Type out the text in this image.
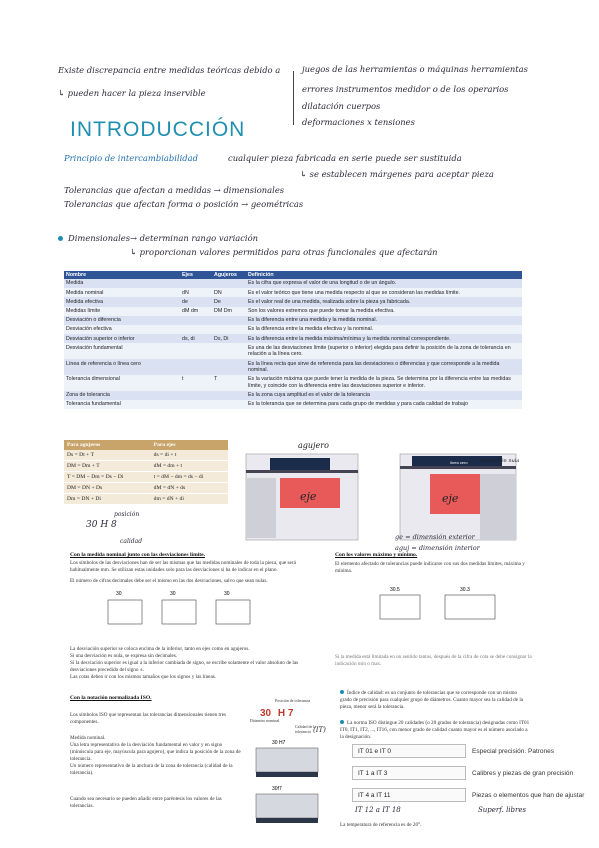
Existe discrepancia entre medidas teóricas debido a
↳ pueden hacer la pieza inservible
juegos de las herramientas o máquinas herramientas
errores instrumentos medidor o de los operarios
dilatación cuerpos
deformaciones x tensiones
INTRODUCCIÓN
Principio de intercambiabilidad	cualquier pieza fabricada en serie puede ser sustituida
↳ se establecen márgenes para aceptar pieza
Tolerancias que afectan a medidas → dimensionales
Tolerancias que afectan forma o posición → geométricas
Dimensionales → determinan rango variación
↳ proporcionan valores permitidos para otras funcionales que afectarán
Nombre	Ejes	Agujeros	Definición
Medida			Es la cifra que expresa el valor de una longitud o de un ángulo.
Medida nominal	dN	DN	Es el valor teórico que tiene una medida respecto al que se consideran las medidas límite.
Medida efectiva	de	De	Es el valor real de una medida, realizada sobre la pieza ya fabricada.
Medidas límite	dM dm	DM Dm	Son los valores extremos que puede tomar la medida efectiva.
Desviación o diferencia			Es la diferencia entre una medida y la medida nominal.
Desviación efectiva			Es la diferencia entre la medida efectiva y la nominal.
Desviación superior o inferior	ds, di	Ds, Di	Es la diferencia entre la medida máxima/mínima y la medida nominal correspondiente.
Desviación fundamental			Es una de las desviaciones límite (superior o inferior) elegida para definir la posición de la zona de tolerancia en relación a la línea cero.
Línea de referencia o línea cero			Es la línea recta que sirve de referencia para las desviaciones o diferencias y que corresponde a la medida nominal.
Tolerancia dimensional	t	T	Es la variación máxima que puede tener la medida de la pieza. Se determina por la diferencia entre las medidas límite, y coincide con la diferencia entre las desviaciones superior e inferior.
Zona de tolerancia			Es la zona cuya amplitud es el valor de la tolerancia
Tolerancia fundamental			Es la tolerancia que se determina para cada grupo de medidas y para cada calidad de trabajo
Para agujeros	Para ejes
Ds = Dt + T	ds = di + t
DM = Dm + T	dM = dm + t
T = DM − Dm = Ds − Di	t = dM − dm = ds − di
DM = DN + Ds	dM = dN + ds
Dm = DN + Di	dm = dN + di
posición
30 H 8
calidad
agujero
eje	eje
línea cero desviación nula
ge = dimensión exterior
aguj = dimensión interior
Con la medida nominal junto con las desviaciones límite.
Los símbolos de las desviaciones han de ser las mismas que las medidas nominales de toda la pieza, que será habitualmente mm. Se utilizan estas unidades solo para las desviaciones si ha de indicar en el plano.
El número de cifras decimales debe ser el mismo en las dos desviaciones, salvo que sean nulas.
30	30	30
La desviación superior se coloca encima de la inferior, tanto en ejes como en agujeros.
Si una desviación es nula, se expresa sin decimales.
Si la desviación superior es igual a la inferior cambiada de signo, se escribe solamente el valor absoluto de las desviaciones precedido del signo ±.
Las cotas deben ir con los mismos tamaños que los signos y las líneas.
Con los valores máximo y mínimo.
El elemento afectado de tolerancias puede indicarse con sus dos medidas límites, máxima y mínima.
30.5	30.3
Si la medida está limitada en un sentido tantos, después de la cifra de cota se debe consignar la indicación min o max.
Con la notación normalizada ISO.
Los símbolos ISO que representan las tolerancias dimensionales tienen tres componentes.
Medida nominal.
Una letra representativa de la desviación fundamental en valor y en signo (minúscula para eje, mayúscula para agujero), que indica la posición de la zona de tolerancia.
Un número representativo de la anchura de la zona de tolerancia (calidad de la tolerancia).
Cuando sea necesario se pueden añadir entre paréntesis los valores de las tolerancias.
Posición de tolerancia
Diámetro nominal
Calidad de la tolerancia
30 H 7
(IT)
30 H7
30f7
Índice de calidad: es un conjunto de tolerancias que se corresponde con un mismo grado de precisión para cualquier grupo de diámetros. Cuanto mayor sea la calidad de la pieza, menor será la tolerancia.
La norma ISO distingue 20 calidades (o 20 grados de tolerancia) designadas como IT01 IT0, IT1, IT2, ..., IT16, con menor grado de calidad cuanto mayor es el número asociado a la designación.
IT 01 e IT 0	Especial precisión. Patrones
IT 1 a IT 3	Calibres y piezas de gran precisión
IT 4 a IT 11	Piezas o elementos que han de ajustar
IT 12 a IT 18	Superf. libres
La temperatura de referencia es de 20°.
